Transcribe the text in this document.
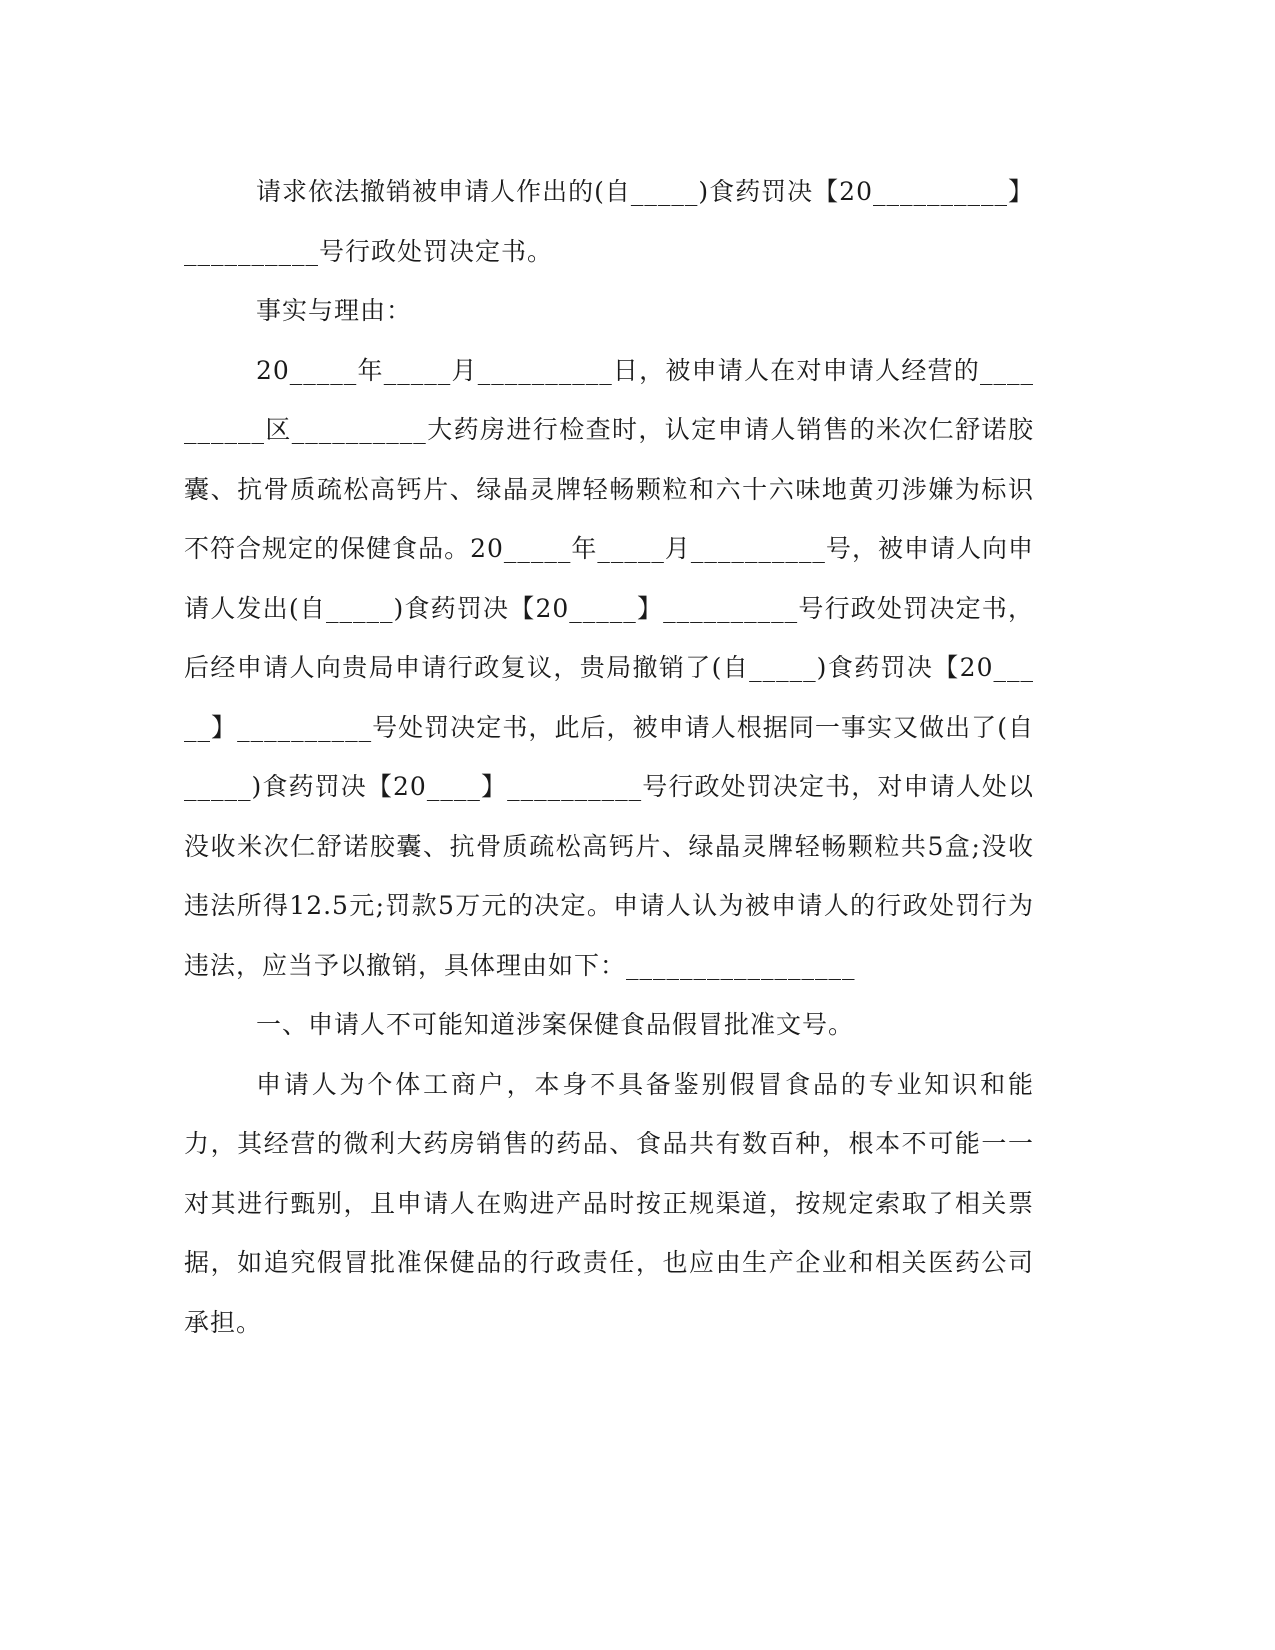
请求依法撤销被申请人作出的(自_____)食药罚决【20__________】__________号行政处罚决定书。

事实与理由：

20_____年_____月__________日，被申请人在对申请人经营的__________区__________大药房进行检查时，认定申请人销售的米次仁舒诺胶囊、抗骨质疏松高钙片、绿晶灵牌轻畅颗粒和六十六味地黄刃涉嫌为标识不符合规定的保健食品。20_____年_____月__________号，被申请人向申请人发出(自_____)食药罚决【20_____】__________号行政处罚决定书，后经申请人向贵局申请行政复议，贵局撤销了(自_____)食药罚决【20_____】__________号处罚决定书，此后，被申请人根据同一事实又做出了(自_____)食药罚决【20____】__________号行政处罚决定书，对申请人处以没收米次仁舒诺胶囊、抗骨质疏松高钙片、绿晶灵牌轻畅颗粒共5盒;没收违法所得12.5元;罚款5万元的决定。申请人认为被申请人的行政处罚行为违法，应当予以撤销，具体理由如下：_________________

一、申请人不可能知道涉案保健食品假冒批准文号。

申请人为个体工商户，本身不具备鉴别假冒食品的专业知识和能力，其经营的微利大药房销售的药品、食品共有数百种，根本不可能一一对其进行甄别，且申请人在购进产品时按正规渠道，按规定索取了相关票据，如追究假冒批准保健品的行政责任，也应由生产企业和相关医药公司承担。
